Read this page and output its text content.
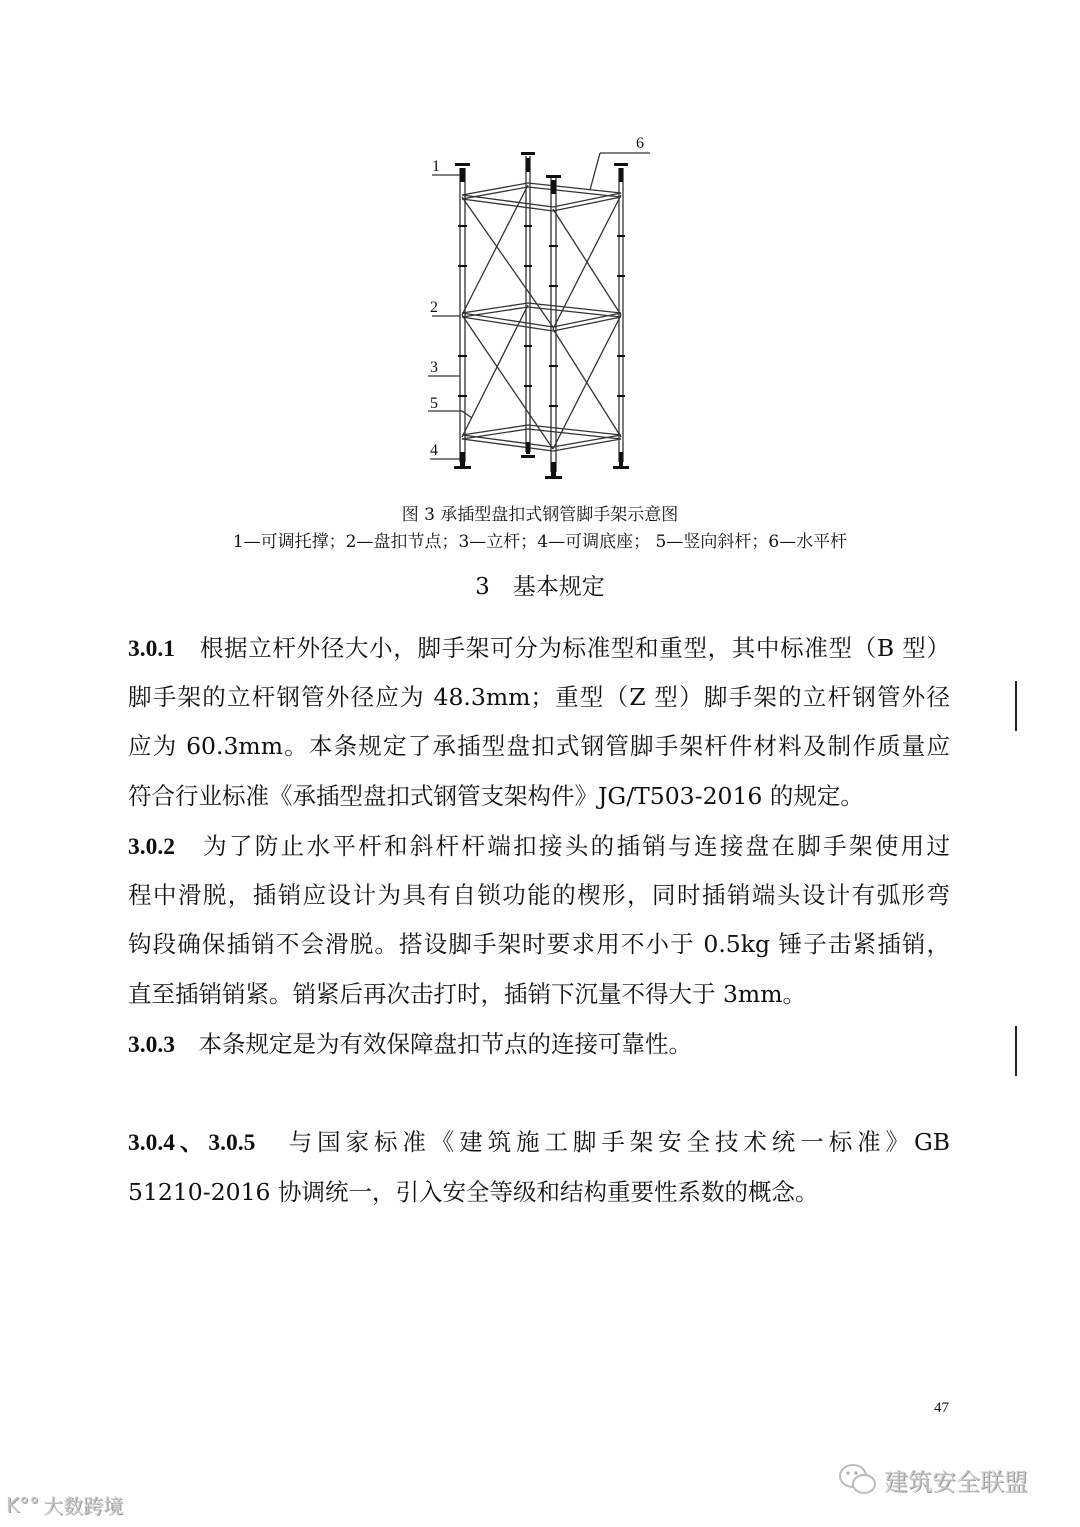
1
2
3
4
5
6
图 3 承插型盘扣式钢管脚手架示意图
1—可调托撑；2—盘扣节点；3—立杆；4—可调底座； 5—竖向斜杆；6—水平杆
3　基本规定
3.0.1　 根据立杆外径大小，脚手架可分为标准型和重型，其中标准型（B 型）
脚手架的立杆钢管外径应为 48.3mm；重型（Z 型）脚手架的立杆钢管外径
应为 60.3mm。本条规定了承插型盘扣式钢管脚手架杆件材料及制作质量应
符合行业标准《承插型盘扣式钢管支架构件》JG/T503-2016 的规定。
3.0.2　 为了防止水平杆和斜杆杆端扣接头的插销与连接盘在脚手架使用过
程中滑脱，插销应设计为具有自锁功能的楔形，同时插销端头设计有弧形弯
钩段确保插销不会滑脱。搭设脚手架时要求用不小于 0.5kg 锤子击紧插销，
直至插销销紧。销紧后再次击打时，插销下沉量不得大于 3mm。
3.0.3　 本条规定是为有效保障盘扣节点的连接可靠性。
3.0.4、3.0.5　 与国家标准《建筑施工脚手架安全技术统一标准》GB
51210-2016 协调统一，引入安全等级和结构重要性系数的概念。
47
建筑安全联盟
K°° 大数跨境
